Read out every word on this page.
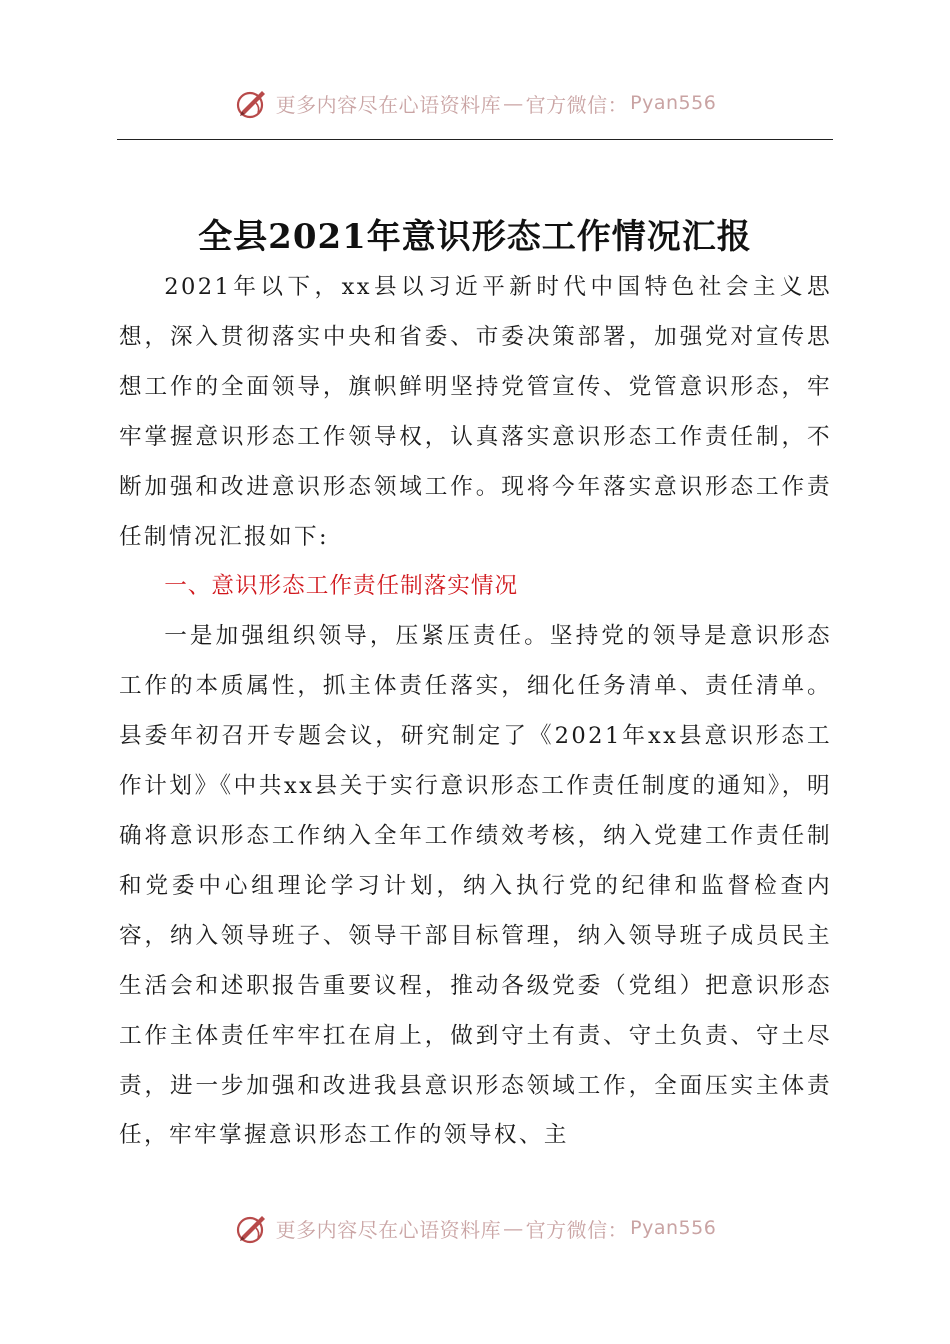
更多内容尽在心语资料库 — 官方微信： Pyan556
全县2021年意识形态工作情况汇报

2021年以下，xx县以习近平新时代中国特色社会主义思想，深入贯彻落实中央和省委、市委决策部署，加强党对宣传思想工作的全面领导，旗帜鲜明坚持党管宣传、党管意识形态，牢牢掌握意识形态工作领导权，认真落实意识形态工作责任制，不断加强和改进意识形态领域工作。现将今年落实意识形态工作责任制情况汇报如下:

一、意识形态工作责任制落实情况

一是加强组织领导，压紧压责任。坚持党的领导是意识形态工作的本质属性，抓主体责任落实，细化任务清单、责任清单。县委年初召开专题会议，研究制定了《2021年xx县意识形态工作计划》《中共xx县关于实行意识形态工作责任制度的通知》，明确将意识形态工作纳入全年工作绩效考核，纳入党建工作责任制和党委中心组理论学习计划，纳入执行党的纪律和监督检查内容，纳入领导班子、领导干部目标管理，纳入领导班子成员民主生活会和述职报告重要议程，推动各级党委（党组）把意识形态工作主体责任牢牢扛在肩上，做到守土有责、守土负责、守土尽责，进一步加强和改进我县意识形态领域工作，全面压实主体责任，牢牢掌握意识形态工作的领导权、主

更多内容尽在心语资料库 — 官方微信： Pyan556
